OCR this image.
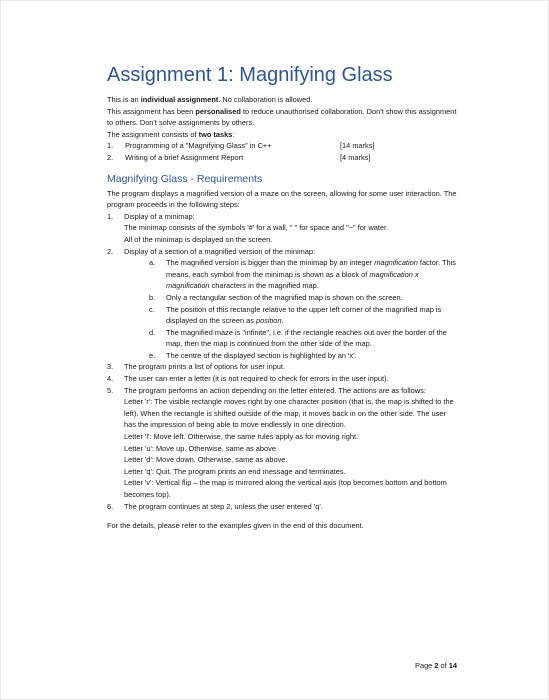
Assignment 1: Magnifying Glass

This is an individual assignment. No collaboration is allowed.

This assignment has been personalised to reduce unauthorised collaboration. Don't show this assignment to others. Don't solve assignments by others.

The assignment consists of two tasks:

1.	Programming of a "Magnifying Glass" in C++	[14 marks]
2.	Writing of a brief Assignment Report	[4 marks]
Magnifying Glass - Requirements

The program displays a magnified version of a maze on the screen, allowing for some user interaction. The program proceeds in the following steps:

1.	Display of a minimap:
The minimap consists of the symbols '#' for a wall, " " for space and "~" for water.
All of the minimap is displayed on the screen.
2.	Display of a section of a magnified version of the minimap:
a.	The magnified version is bigger than the minimap by an integer magnification factor. This means, each symbol from the minimap is shown as a block of magnification x magnification characters in the magnified map.
b.	Only a rectangular section of the magnified map is shown on the screen.
c.	The position of this rectangle relative to the upper left corner of the magnified map is displayed on the screen as position.
d.	The magnified maze is "infinite", i.e. if the rectangle reaches out over the border of the map, then the map is continued from the other side of the map.
e.	The centre of the displayed section is highlighted by an 'x'.
3.	The program prints a list of options for user input.
4.	The user can enter a letter (it is not required to check for errors in the user input).
5.	The program performs an action depending on the letter entered. The actions are as follows:
Letter 'r': The visible rectangle moves right by one character position (that is, the map is shifted to the left). When the rectangle is shifted outside of the map, it moves back in on the other side. The user has the impression of being able to move endlessly in one direction.
Letter 'l': Move left. Otherwise, the same rules apply as for moving right.
Letter 'u': Move up. Otherwise, same as above.
Letter 'd': Move down. Otherwise, same as above.
Letter 'q': Quit. The program prints an end message and terminates.
Letter 'v': Vertical flip – the map is mirrored along the vertical axis (top becomes bottom and bottom becomes top).
6.	The program continues at step 2, unless the user entered 'q'.

For the details, please refer to the examples given in the end of this document.

Page 2 of 14
